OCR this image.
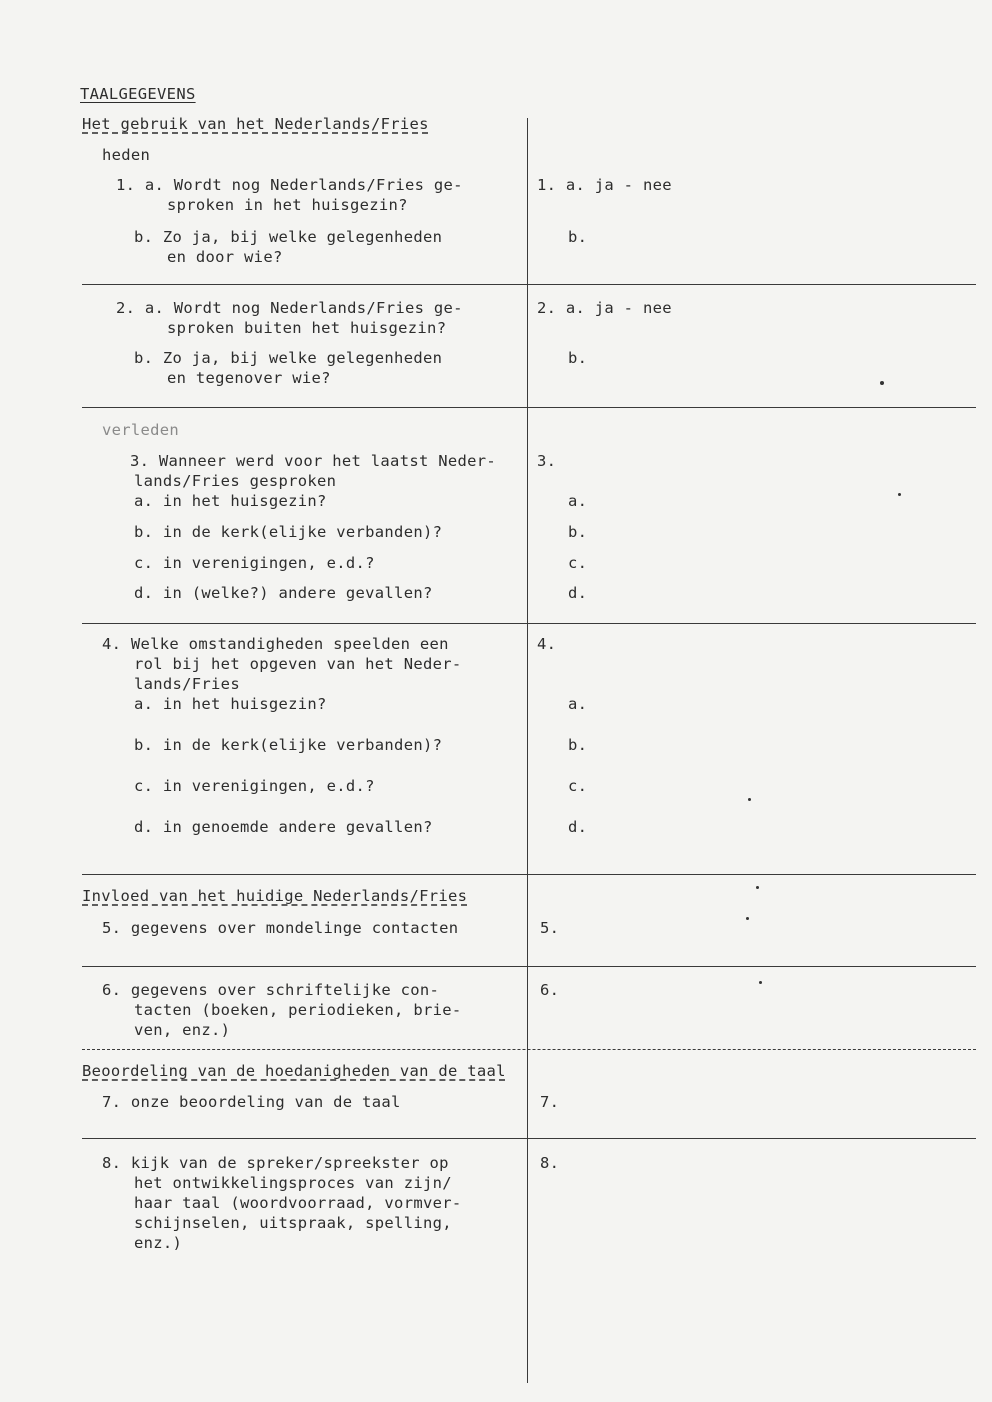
TAALGEGEVENS
Het gebruik van het Nederlands/Fries
heden
1. a. Wordt nog Nederlands/Fries ge-
sproken in het huisgezin?
b. Zo ja, bij welke gelegenheden
en door wie?
1. a. ja - nee
b.
2. a. Wordt nog Nederlands/Fries ge-
sproken buiten het huisgezin?
b. Zo ja, bij welke gelegenheden
en tegenover wie?
2. a. ja - nee
b.
verleden
3. Wanneer werd voor het laatst Neder-
lands/Fries gesproken
a. in het huisgezin?
b. in de kerk(elijke verbanden)?
c. in verenigingen, e.d.?
d. in (welke?) andere gevallen?
3.
a.
b.
c.
d.
4. Welke omstandigheden speelden een
rol bij het opgeven van het Neder-
lands/Fries
a. in het huisgezin?
b. in de kerk(elijke verbanden)?
c. in verenigingen, e.d.?
d. in genoemde andere gevallen?
4.
a.
b.
c.
d.
Invloed van het huidige Nederlands/Fries
5. gegevens over mondelinge contacten	5.
6. gegevens over schriftelijke con-
tacten (boeken, periodieken, brie-
ven, enz.)
6.
Beoordeling van de hoedanigheden van de taal
7. onze beoordeling van de taal	7.
8. kijk van de spreker/spreekster op
het ontwikkelingsproces van zijn/
haar taal (woordvoorraad, vormver-
schijnselen, uitspraak, spelling,
enz.)
8.
